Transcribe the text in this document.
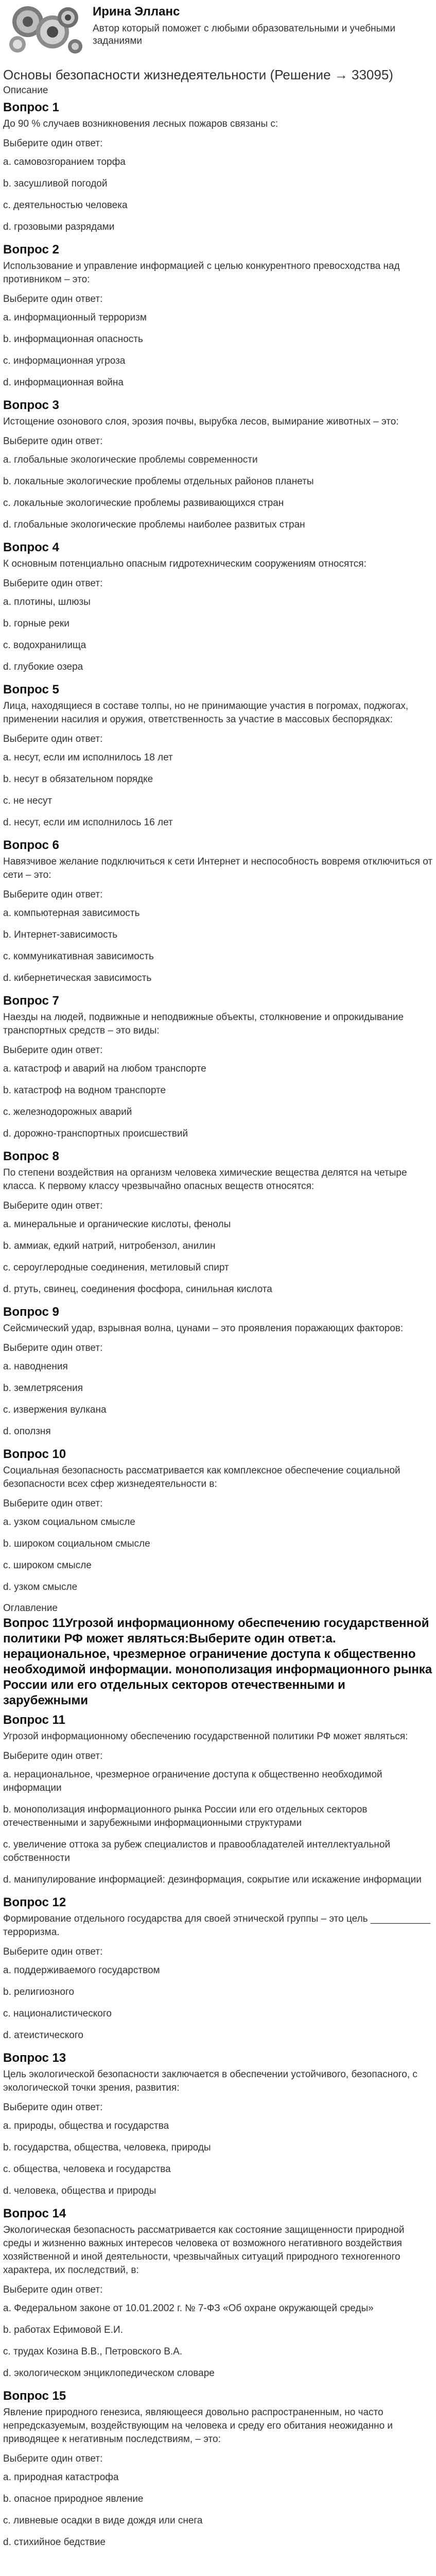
Ирина Элланс
Автор который поможет с любыми образовательными и учебными заданиями
Основы безопасности жизнедеятельности (Решение → 33095)
Описание
Вопрос 1
До 90 % случаев возникновения лесных пожаров связаны с:
Выберите один ответ:
a. самовозгоранием торфа
b. засушливой погодой
c. деятельностью человека
d. грозовыми разрядами
Вопрос 2
Использование и управление информацией с целью конкурентного превосходства над противником – это:
Выберите один ответ:
a. информационный терроризм
b. информационная опасность
c. информационная угроза
d. информационная война
Вопрос 3
Истощение озонового слоя, эрозия почвы, вырубка лесов, вымирание животных – это:
Выберите один ответ:
a. глобальные экологические проблемы современности
b. локальные экологические проблемы отдельных районов планеты
c. локальные экологические проблемы развивающихся стран
d. глобальные экологические проблемы наиболее развитых стран
Вопрос 4
К основным потенциально опасным гидротехническим сооружениям относятся:
Выберите один ответ:
a. плотины, шлюзы
b. горные реки
c. водохранилища
d. глубокие озера
Вопрос 5
Лица, находящиеся в составе толпы, но не принимающие участия в погромах, поджогах, применении насилия и оружия, ответственность за участие в массовых беспорядках:
Выберите один ответ:
a. несут, если им исполнилось 18 лет
b. несут в обязательном порядке
c. не несут
d. несут, если им исполнилось 16 лет
Вопрос 6
Навязчивое желание подключиться к сети Интернет и неспособность вовремя отключиться от сети – это:
Выберите один ответ:
a. компьютерная зависимость
b. Интернет-зависимость
c. коммуникативная зависимость
d. кибернетическая зависимость
Вопрос 7
Наезды на людей, подвижные и неподвижные объекты, столкновение и опрокидывание транспортных средств – это виды:
Выберите один ответ:
a. катастроф и аварий на любом транспорте
b. катастроф на водном транспорте
c. железнодорожных аварий
d. дорожно-транспортных происшествий
Вопрос 8
По степени воздействия на организм человека химические вещества делятся на четыре класса. К первому классу чрезвычайно опасных веществ относятся:
Выберите один ответ:
a. минеральные и органические кислоты, фенолы
b. аммиак, едкий натрий, нитробензол, анилин
c. сероуглеродные соединения, метиловый спирт
d. ртуть, свинец, соединения фосфора, синильная кислота
Вопрос 9
Сейсмический удар, взрывная волна, цунами – это проявления поражающих факторов:
Выберите один ответ:
a. наводнения
b. землетрясения
c. извержения вулкана
d. оползня
Вопрос 10
Социальная безопасность рассматривается как комплексное обеспечение социальной безопасности всех сфер жизнедеятельности в:
Выберите один ответ:
a. узком социальном смысле
b. широком социальном смысле
c. широком смысле
d. узком смысле
Оглавление
Вопрос 11Угрозой информационному обеспечению государственной политики РФ может являться:Выберите один ответ:a. нерациональное, чрезмерное ограничение доступа к общественно необходимой информации. монополизация информационного рынка России или его отдельных секторов отечественными и зарубежными
Вопрос 11
Угрозой информационному обеспечению государственной политики РФ может являться:
Выберите один ответ:
a. нерациональное, чрезмерное ограничение доступа к общественно необходимой информации
b. монополизация информационного рынка России или его отдельных секторов отечественными и зарубежными информационными структурами
c. увеличение оттока за рубеж специалистов и правообладателей интеллектуальной собственности
d. манипулирование информацией: дезинформация, сокрытие или искажение информации
Вопрос 12
Формирование отдельного государства для своей этнической группы – это цель ___________ терроризма.
Выберите один ответ:
a. поддерживаемого государством
b. религиозного
c. националистического
d. атеистического
Вопрос 13
Цель экологической безопасности заключается в обеспечении устойчивого, безопасного, с экологической точки зрения, развития:
Выберите один ответ:
a. природы, общества и государства
b. государства, общества, человека, природы
c. общества, человека и государства
d. человека, общества и природы
Вопрос 14
Экологическая безопасность рассматривается как состояние защищенности природной среды и жизненно важных интересов человека от возможного негативного воздействия хозяйственной и иной деятельности, чрезвычайных ситуаций природного техногенного характера, их последствий, в:
Выберите один ответ:
a. Федеральном законе от 10.01.2002 г. № 7-ФЗ «Об охране окружающей среды»
b. работах Ефимовой Е.И.
c. трудах Козина В.В., Петровского В.А.
d. экологическом энциклопедическом словаре
Вопрос 15
Явление природного генезиса, являющееся довольно распространенным, но часто непредсказуемым, воздействующим на человека и среду его обитания неожиданно и приводящее к негативным последствиям, – это:
Выберите один ответ:
a. природная катастрофа
b. опасное природное явление
c. ливневые осадки в виде дождя или снега
d. стихийное бедствие
